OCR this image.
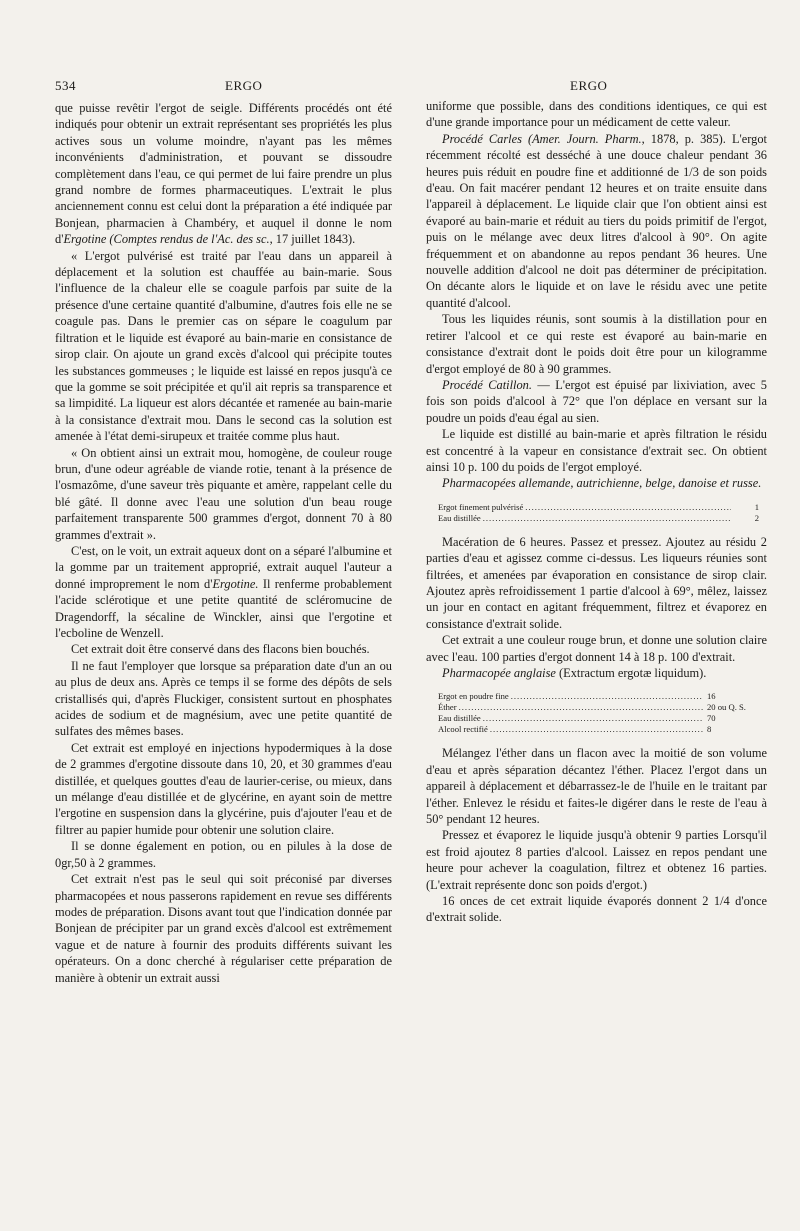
534	ERGO	ERGO

que puisse revêtir l'ergot de seigle. Différents procédés ont été indiqués pour obtenir un extrait représentant ses propriétés les plus actives sous un volume moindre, n'ayant pas les mêmes inconvénients d'administration, et pouvant se dissoudre complètement dans l'eau, ce qui permet de lui faire prendre un plus grand nombre de formes pharmaceutiques. L'extrait le plus anciennement connu est celui dont la préparation a été indiquée par Bonjean, pharmacien à Chambéry, et auquel il donne le nom d'Ergotine (Comptes rendus de l'Ac. des sc., 17 juillet 1843).

« L'ergot pulvérisé est traité par l'eau dans un appareil à déplacement et la solution est chauffée au bain-marie. Sous l'influence de la chaleur elle se coagule parfois par suite de la présence d'une certaine quantité d'albumine, d'autres fois elle ne se coagule pas. Dans le premier cas on sépare le coagulum par filtration et le liquide est évaporé au bain-marie en consistance de sirop clair. On ajoute un grand excès d'alcool qui précipite toutes les substances gommeuses ; le liquide est laissé en repos jusqu'à ce que la gomme se soit précipitée et qu'il ait repris sa transparence et sa limpidité. La liqueur est alors décantée et ramenée au bain-marie à la consistance d'extrait mou. Dans le second cas la solution est amenée à l'état demi-sirupeux et traitée comme plus haut.

« On obtient ainsi un extrait mou, homogène, de couleur rouge brun, d'une odeur agréable de viande rotie, tenant à la présence de l'osmazôme, d'une saveur très piquante et amère, rappelant celle du blé gâté. Il donne avec l'eau une solution d'un beau rouge parfaitement transparente 500 grammes d'ergot, donnent 70 à 80 grammes d'extrait ».

C'est, on le voit, un extrait aqueux dont on a séparé l'albumine et la gomme par un traitement approprié, extrait auquel l'auteur a donné improprement le nom d'Ergotine. Il renferme probablement l'acide sclérotique et une petite quantité de scléromucine de Dragendorff, la sécaline de Winckler, ainsi que l'ergotine et l'ecboline de Wenzell.

Cet extrait doit être conservé dans des flacons bien bouchés.

Il ne faut l'employer que lorsque sa préparation date d'un an ou au plus de deux ans. Après ce temps il se forme des dépôts de sels cristallisés qui, d'après Fluckiger, consistent surtout en phosphates acides de sodium et de magnésium, avec une petite quantité de sulfates des mêmes bases.

Cet extrait est employé en injections hypodermiques à la dose de 2 grammes d'ergotine dissoute dans 10, 20, et 30 grammes d'eau distillée, et quelques gouttes d'eau de laurier-cerise, ou mieux, dans un mélange d'eau distillée et de glycérine, en ayant soin de mettre l'ergotine en suspension dans la glycérine, puis d'ajouter l'eau et de filtrer au papier humide pour obtenir une solution claire.

Il se donne également en potion, ou en pilules à la dose de 0gr,50 à 2 grammes.

Cet extrait n'est pas le seul qui soit préconisé par diverses pharmacopées et nous passerons rapidement en revue ses différents modes de préparation. Disons avant tout que l'indication donnée par Bonjean de précipiter par un grand excès d'alcool est extrêmement vague et de nature à fournir des produits différents suivant les opérateurs. On a donc cherché à régulariser cette préparation de manière à obtenir un extrait aussi

uniforme que possible, dans des conditions identiques, ce qui est d'une grande importance pour un médicament de cette valeur.

Procédé Carles (Amer. Journ. Pharm., 1878, p. 385). L'ergot récemment récolté est desséché à une douce chaleur pendant 36 heures puis réduit en poudre fine et additionné de 1/3 de son poids d'eau. On fait macérer pendant 12 heures et on traite ensuite dans l'appareil à déplacement. Le liquide clair que l'on obtient ainsi est évaporé au bain-marie et réduit au tiers du poids primitif de l'ergot, puis on le mélange avec deux litres d'alcool à 90°. On agite fréquemment et on abandonne au repos pendant 36 heures. Une nouvelle addition d'alcool ne doit pas déterminer de précipitation. On décante alors le liquide et on lave le résidu avec une petite quantité d'alcool.

Tous les liquides réunis, sont soumis à la distillation pour en retirer l'alcool et ce qui reste est évaporé au bain-marie en consistance d'extrait dont le poids doit être pour un kilogramme d'ergot employé de 80 à 90 grammes.

Procédé Catillon. — L'ergot est épuisé par lixiviation, avec 5 fois son poids d'alcool à 72° que l'on déplace en versant sur la poudre un poids d'eau égal au sien.

Le liquide est distillé au bain-marie et après filtration le résidu est concentré à la vapeur en consistance d'extrait sec. On obtient ainsi 10 p. 100 du poids de l'ergot employé.

Pharmacopées allemande, autrichienne, belge, danoise et russe.

Ergot finement pulvérisé .....	1
Eau distillée .....	2

Macération de 6 heures. Passez et pressez. Ajoutez au résidu 2 parties d'eau et agissez comme ci-dessus. Les liqueurs réunies sont filtrées, et amenées par évaporation en consistance de sirop clair. Ajoutez après refroidissement 1 partie d'alcool à 69°, mêlez, laissez un jour en contact en agitant fréquemment, filtrez et évaporez en consistance d'extrait solide.

Cet extrait a une couleur rouge brun, et donne une solution claire avec l'eau. 100 parties d'ergot donnent 14 à 18 p. 100 d'extrait.

Pharmacopée anglaise (Extractum ergotæ liquidum).

Ergot en poudre fine .....	16
Éther .....	20 ou Q. S.
Eau distillée .....	70
Alcool rectifié .....	8

Mélangez l'éther dans un flacon avec la moitié de son volume d'eau et après séparation décantez l'éther. Placez l'ergot dans un appareil à déplacement et débarrassez-le de l'huile en le traitant par l'éther. Enlevez le résidu et faites-le digérer dans le reste de l'eau à 50° pendant 12 heures.

Pressez et évaporez le liquide jusqu'à obtenir 9 parties Lorsqu'il est froid ajoutez 8 parties d'alcool. Laissez en repos pendant une heure pour achever la coagulation, filtrez et obtenez 16 parties. (L'extrait représente donc son poids d'ergot.)

16 onces de cet extrait liquide évaporés donnent 2 1/4 d'once d'extrait solide.
